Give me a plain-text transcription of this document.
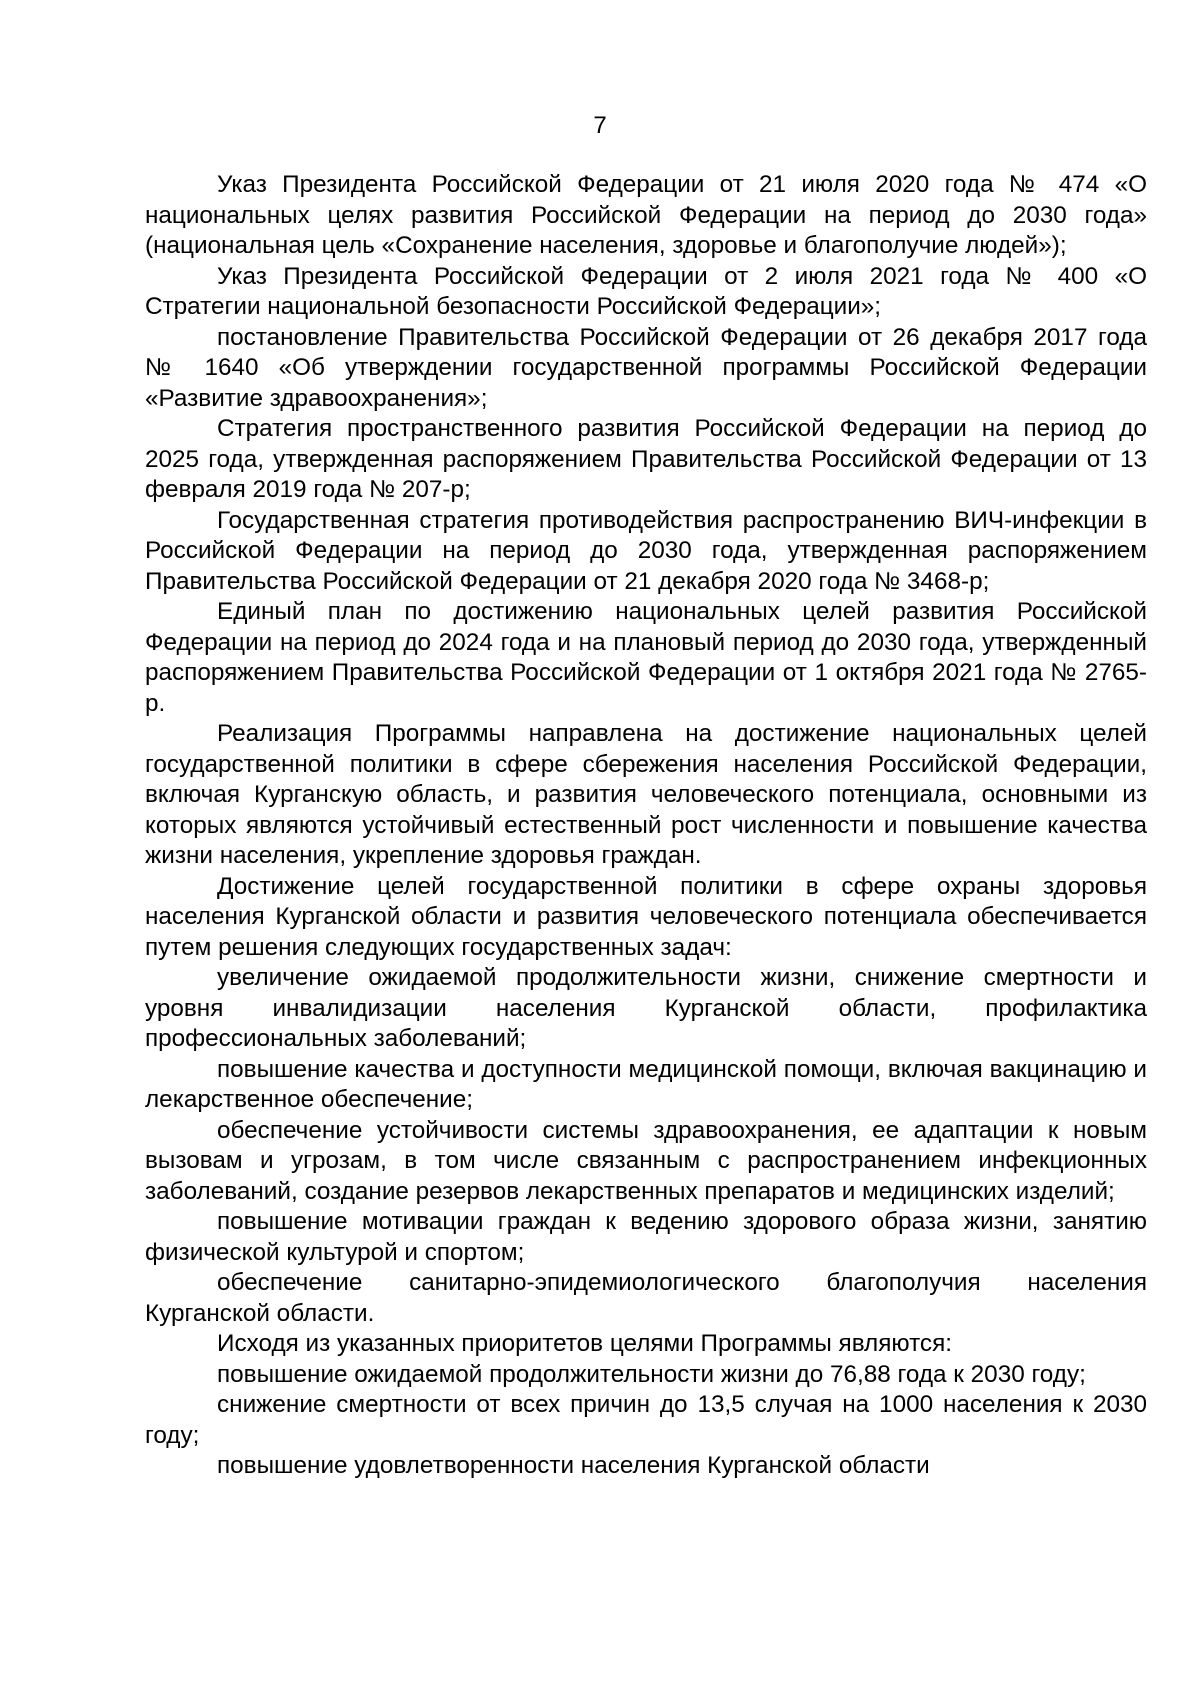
7

Указ Президента Российской Федерации от 21 июля 2020 года № 474 «О национальных целях развития Российской Федерации на период до 2030 года» (национальная цель «Сохранение населения, здоровье и благополучие людей»);

Указ Президента Российской Федерации от 2 июля 2021 года № 400 «О Стратегии национальной безопасности Российской Федерации»;

постановление Правительства Российской Федерации от 26 декабря 2017 года № 1640 «Об утверждении государственной программы Российской Федерации «Развитие здравоохранения»;

Стратегия пространственного развития Российской Федерации на период до 2025 года, утвержденная распоряжением Правительства Российской Федерации от 13 февраля 2019 года № 207-р;

Государственная стратегия противодействия распространению ВИЧ-инфекции в Российской Федерации на период до 2030 года, утвержденная распоряжением Правительства Российской Федерации от 21 декабря 2020 года № 3468-р;

Единый план по достижению национальных целей развития Российской Федерации на период до 2024 года и на плановый период до 2030 года, утвержденный распоряжением Правительства Российской Федерации от 1 октября 2021 года № 2765-р.

Реализация Программы направлена на достижение национальных целей государственной политики в сфере сбережения населения Российской Федерации, включая Курганскую область, и развития человеческого потенциала, основными из которых являются устойчивый естественный рост численности и повышение качества жизни населения, укрепление здоровья граждан.

Достижение целей государственной политики в сфере охраны здоровья населения Курганской области и развития человеческого потенциала обеспечивается путем решения следующих государственных задач:

увеличение ожидаемой продолжительности жизни, снижение смертности и уровня инвалидизации населения Курганской области, профилактика профессиональных заболеваний;

повышение качества и доступности медицинской помощи, включая вакцинацию и лекарственное обеспечение;

обеспечение устойчивости системы здравоохранения, ее адаптации к новым вызовам и угрозам, в том числе связанным с распространением инфекционных заболеваний, создание резервов лекарственных препаратов и медицинских изделий;

повышение мотивации граждан к ведению здорового образа жизни, занятию физической культурой и спортом;

обеспечение санитарно-эпидемиологического благополучия населения Курганской области.

Исходя из указанных приоритетов целями Программы являются:

повышение ожидаемой продолжительности жизни до 76,88 года к 2030 году;

снижение смертности от всех причин до 13,5 случая на 1000 населения к 2030 году;

повышение удовлетворенности населения Курганской области
